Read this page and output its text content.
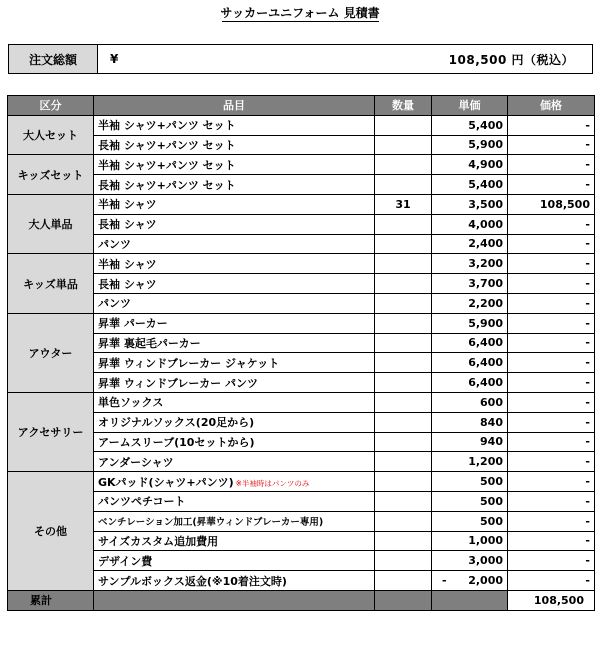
サッカーユニフォーム 見積書
注文総額	¥	108,500 円（税込）
区分	品目	数量	単価	価格
大人セット	半袖 シャツ+パンツ セット		5,400	-
	長袖 シャツ+パンツ セット		5,900	-
キッズセット	半袖 シャツ+パンツ セット		4,900	-
	長袖 シャツ+パンツ セット		5,400	-
大人単品	半袖 シャツ	31	3,500	108,500
	長袖 シャツ		4,000	-
	パンツ		2,400	-
キッズ単品	半袖 シャツ		3,200	-
	長袖 シャツ		3,700	-
	パンツ		2,200	-
アウター	昇華 パーカー		5,900	-
	昇華 裏起毛パーカー		6,400	-
	昇華 ウィンドブレーカー ジャケット		6,400	-
	昇華 ウィンドブレーカー パンツ		6,400	-
アクセサリー	単色ソックス		600	-
	オリジナルソックス(20足から)		840	-
	アームスリーブ(10セットから)		940	-
	アンダーシャツ		1,200	-
その他	GKパッド(シャツ+パンツ) ※半袖時はパンツのみ		500	-
	パンツペチコート		500	-
	ベンチレーション加工(昇華ウィンドブレーカー専用)		500	-
	サイズカスタム追加費用		1,000	-
	デザイン費		3,000	-
	サンプルボックス返金(※10着注文時)		- 2,000	-
累計				108,500
